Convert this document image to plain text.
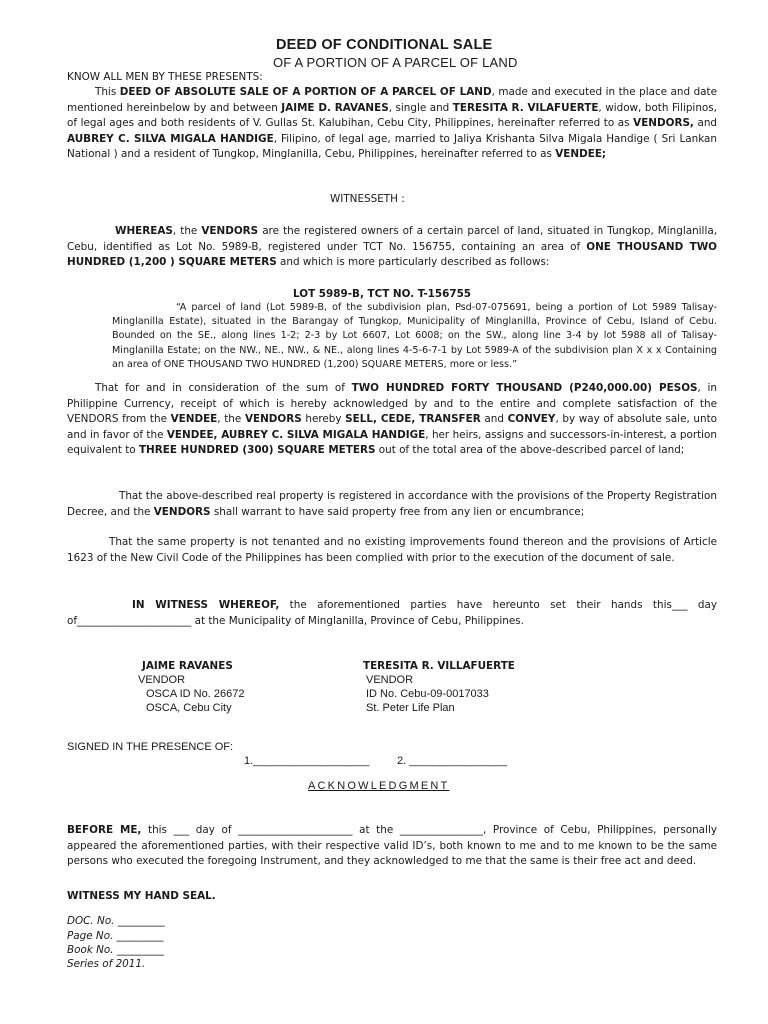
DEED OF CONDITIONAL SALE
OF A PORTION OF A PARCEL OF LAND
KNOW ALL MEN BY THESE PRESENTS:
This DEED OF ABSOLUTE SALE OF A PORTION OF A PARCEL OF LAND, made and executed in the place and date mentioned hereinbelow by and between JAIME D. RAVANES, single and TERESITA R. VILAFUERTE, widow, both Filipinos, of legal ages and both residents of V. Gullas St. Kalubihan, Cebu City, Philippines, hereinafter referred to as VENDORS, and AUBREY C. SILVA MIGALA HANDIGE, Filipino, of legal age, married to Jaliya Krishanta Silva Migala Handige ( Sri Lankan National ) and a resident of Tungkop, Minglanilla, Cebu, Philippines, hereinafter referred to as VENDEE;
WITNESSETH :
WHEREAS, the VENDORS are the registered owners of a certain parcel of land, situated in Tungkop, Minglanilla, Cebu, identified as Lot No. 5989-B, registered under TCT No. 156755, containing an area of ONE THOUSAND TWO HUNDRED (1,200 ) SQUARE METERS and which is more particularly described as follows:
LOT 5989-B, TCT NO. T-156755
“A parcel of land (Lot 5989-B, of the subdivision plan, Psd-07-075691, being a portion of Lot 5989 Talisay-Minglanilla Estate), situated in the Barangay of Tungkop, Municipality of Minglanilla, Province of Cebu, Island of Cebu. Bounded on the SE., along lines 1-2; 2-3 by Lot 6607, Lot 6008; on the SW., along line 3-4 by lot 5988 all of Talisay-Minglanilla Estate; on the NW., NE., NW., & NE., along lines 4-5-6-7-1 by Lot 5989-A of the subdivision plan X x x Containing an area of ONE THOUSAND TWO HUNDRED (1,200) SQUARE METERS, more or less.”
That for and in consideration of the sum of TWO HUNDRED FORTY THOUSAND (P240,000.00) PESOS, in Philippine Currency, receipt of which is hereby acknowledged by and to the entire and complete satisfaction of the VENDORS from the VENDEE, the VENDORS hereby SELL, CEDE, TRANSFER and CONVEY, by way of absolute sale, unto and in favor of the VENDEE, AUBREY C. SILVA MIGALA HANDIGE, her heirs, assigns and successors-in-interest, a portion equivalent to THREE HUNDRED (300) SQUARE METERS out of the total area of the above-described parcel of land;
That the above-described real property is registered in accordance with the provisions of the Property Registration Decree, and the VENDORS shall warrant to have said property free from any lien or encumbrance;
That the same property is not tenanted and no existing improvements found thereon and the provisions of Article 1623 of the New Civil Code of the Philippines has been complied with prior to the execution of the document of sale.
IN WITNESS WHEREOF, the aforementioned parties have hereunto set their hands this___ day of______________________ at the Municipality of Minglanilla, Province of Cebu, Philippines.
JAIME RAVANES
VENDOR
OSCA ID No. 26672
OSCA, Cebu City
TERESITA R. VILLAFUERTE
VENDOR
ID No. Cebu-09-0017033
St. Peter Life Plan
SIGNED IN THE PRESENCE OF:
1.___________________	2. ________________
ACKNOWLEDGMENT
BEFORE ME, this ___ day of ______________________ at the ________________, Province of Cebu, Philippines, personally appeared the aforementioned parties, with their respective valid ID’s, both known to me and to me known to be the same persons who executed the foregoing Instrument, and they acknowledged to me that the same is their free act and deed.
WITNESS MY HAND SEAL.
DOC. No. _________
Page No. _________
Book No. _________
Series of 2011.
